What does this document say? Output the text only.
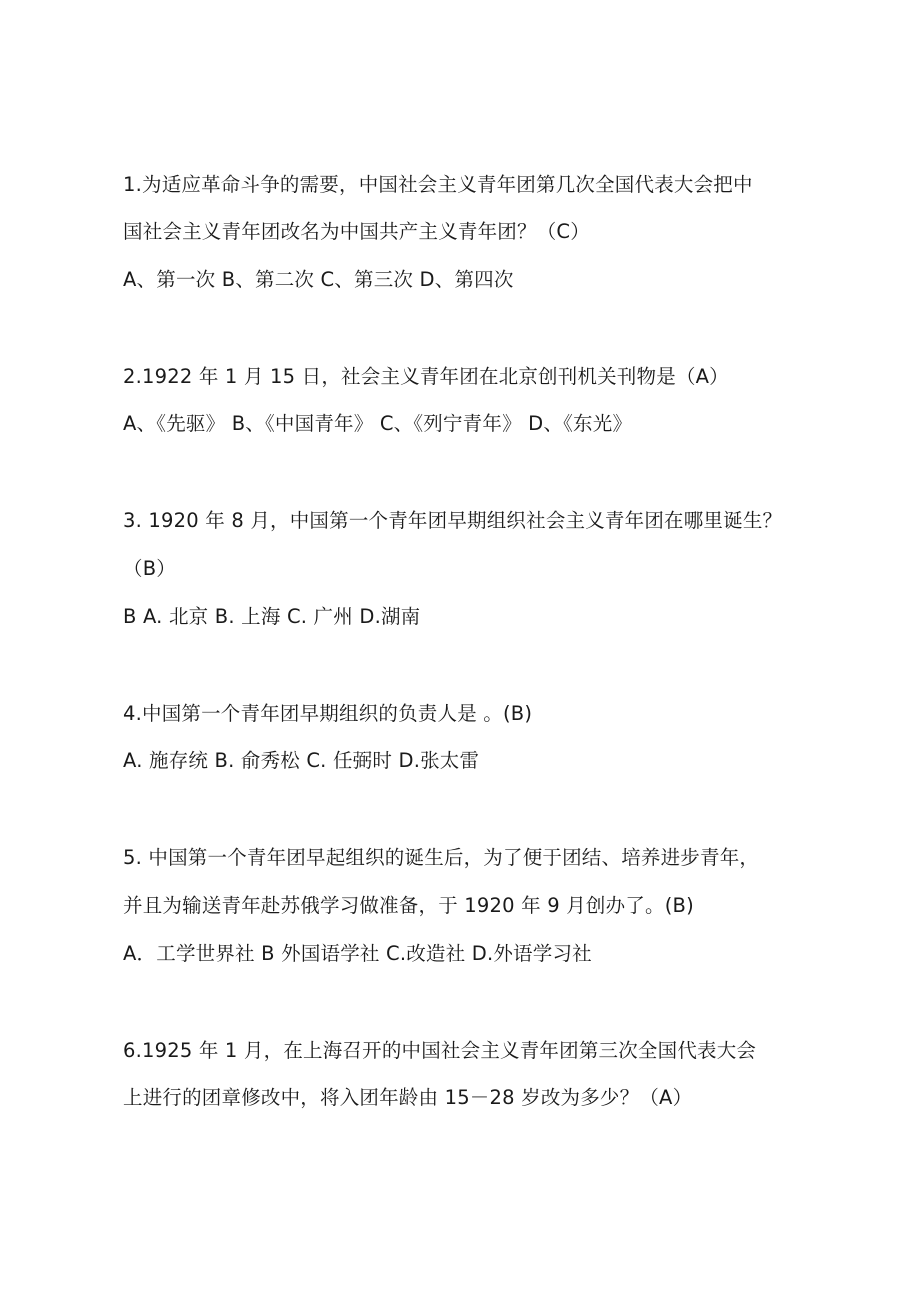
1.为适应革命斗争的需要，中国社会主义青年团第几次全国代表大会把中
国社会主义青年团改名为中国共产主义青年团？（C）
A、第一次 B、第二次 C、第三次 D、第四次
2.1922 年 1 月 15 日，社会主义青年团在北京创刊机关刊物是（A）
A、《先驱》 B、《中国青年》 C、《列宁青年》 D、《东光》
3. 1920 年 8 月，中国第一个青年团早期组织社会主义青年团在哪里诞生？
（B）
B A. 北京 B. 上海 C. 广州 D.湖南
4.中国第一个青年团早期组织的负责人是 。(B)
A. 施存统 B. 俞秀松 C. 任弼时 D.张太雷
5. 中国第一个青年团早起组织的诞生后，为了便于团结、培养进步青年，
并且为输送青年赴苏俄学习做准备，于 1920 年 9 月创办了。(B)
A．工学世界社 B 外国语学社 C.改造社 D.外语学习社
6.1925 年 1 月，在上海召开的中国社会主义青年团第三次全国代表大会
上进行的团章修改中，将入团年龄由 15－28 岁改为多少？（A）
